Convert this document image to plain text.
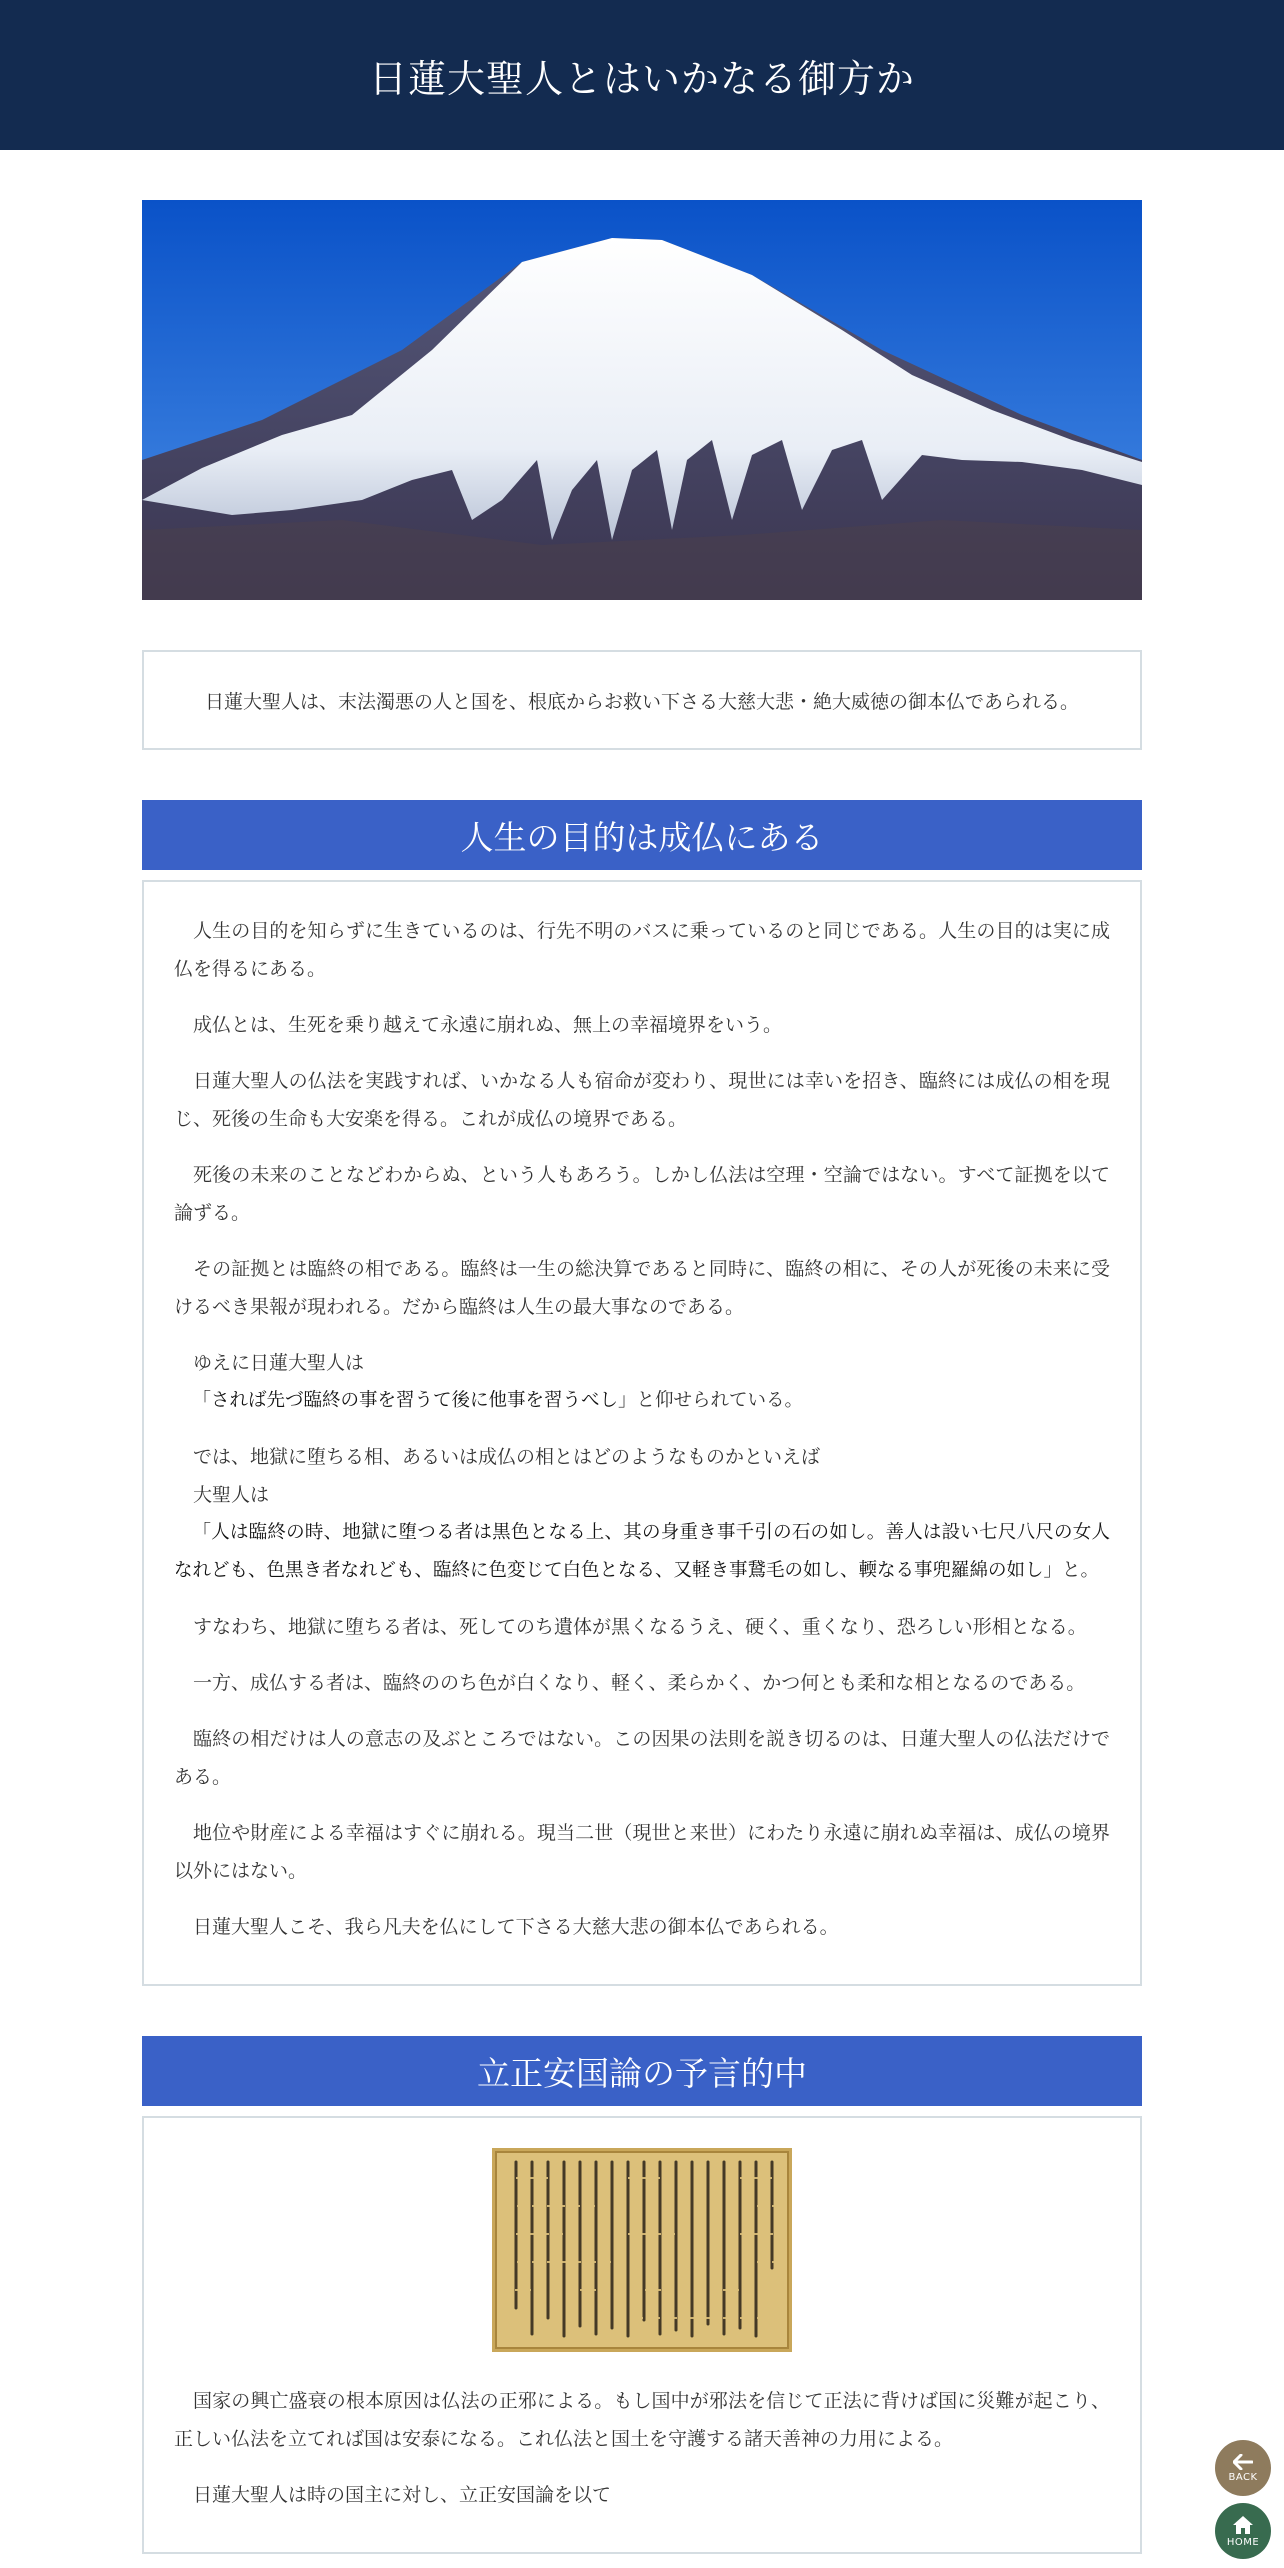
日蓮大聖人とはいかなる御方か

日蓮大聖人は、末法濁悪の人と国を、根底からお救い下さる大慈大悲・絶大威徳の御本仏であられる。

人生の目的は成仏にある

人生の目的を知らずに生きているのは、行先不明のバスに乗っているのと同じである。人生の目的は実に成仏を得るにある。

成仏とは、生死を乗り越えて永遠に崩れぬ、無上の幸福境界をいう。

日蓮大聖人の仏法を実践すれば、いかなる人も宿命が変わり、現世には幸いを招き、臨終には成仏の相を現じ、死後の生命も大安楽を得る。これが成仏の境界である。

死後の未来のことなどわからぬ、という人もあろう。しかし仏法は空理・空論ではない。すべて証拠を以て論ずる。

その証拠とは臨終の相である。臨終は一生の総決算であると同時に、臨終の相に、その人が死後の未来に受けるべき果報が現われる。だから臨終は人生の最大事なのである。

ゆえに日蓮大聖人は

「されば先づ臨終の事を習うて後に他事を習うべし」と仰せられている。

では、地獄に堕ちる相、あるいは成仏の相とはどのようなものかといえば

大聖人は

「人は臨終の時、地獄に堕つる者は黒色となる上、其の身重き事千引の石の如し。善人は設い七尺八尺の女人なれども、色黒き者なれども、臨終に色変じて白色となる、又軽き事鵞毛の如し、輭なる事兜羅綿の如し」と。

すなわち、地獄に堕ちる者は、死してのち遺体が黒くなるうえ、硬く、重くなり、恐ろしい形相となる。

一方、成仏する者は、臨終ののち色が白くなり、軽く、柔らかく、かつ何とも柔和な相となるのである。

臨終の相だけは人の意志の及ぶところではない。この因果の法則を説き切るのは、日蓮大聖人の仏法だけである。

地位や財産による幸福はすぐに崩れる。現当二世（現世と来世）にわたり永遠に崩れぬ幸福は、成仏の境界以外にはない。

日蓮大聖人こそ、我ら凡夫を仏にして下さる大慈大悲の御本仏であられる。

立正安国論の予言的中

国家の興亡盛衰の根本原因は仏法の正邪による。もし国中が邪法を信じて正法に背けば国に災難が起こり、正しい仏法を立てれば国は安泰になる。これ仏法と国土を守護する諸天善神の力用による。

日蓮大聖人は時の国主に対し、立正安国論を以て

BACK
HOME
